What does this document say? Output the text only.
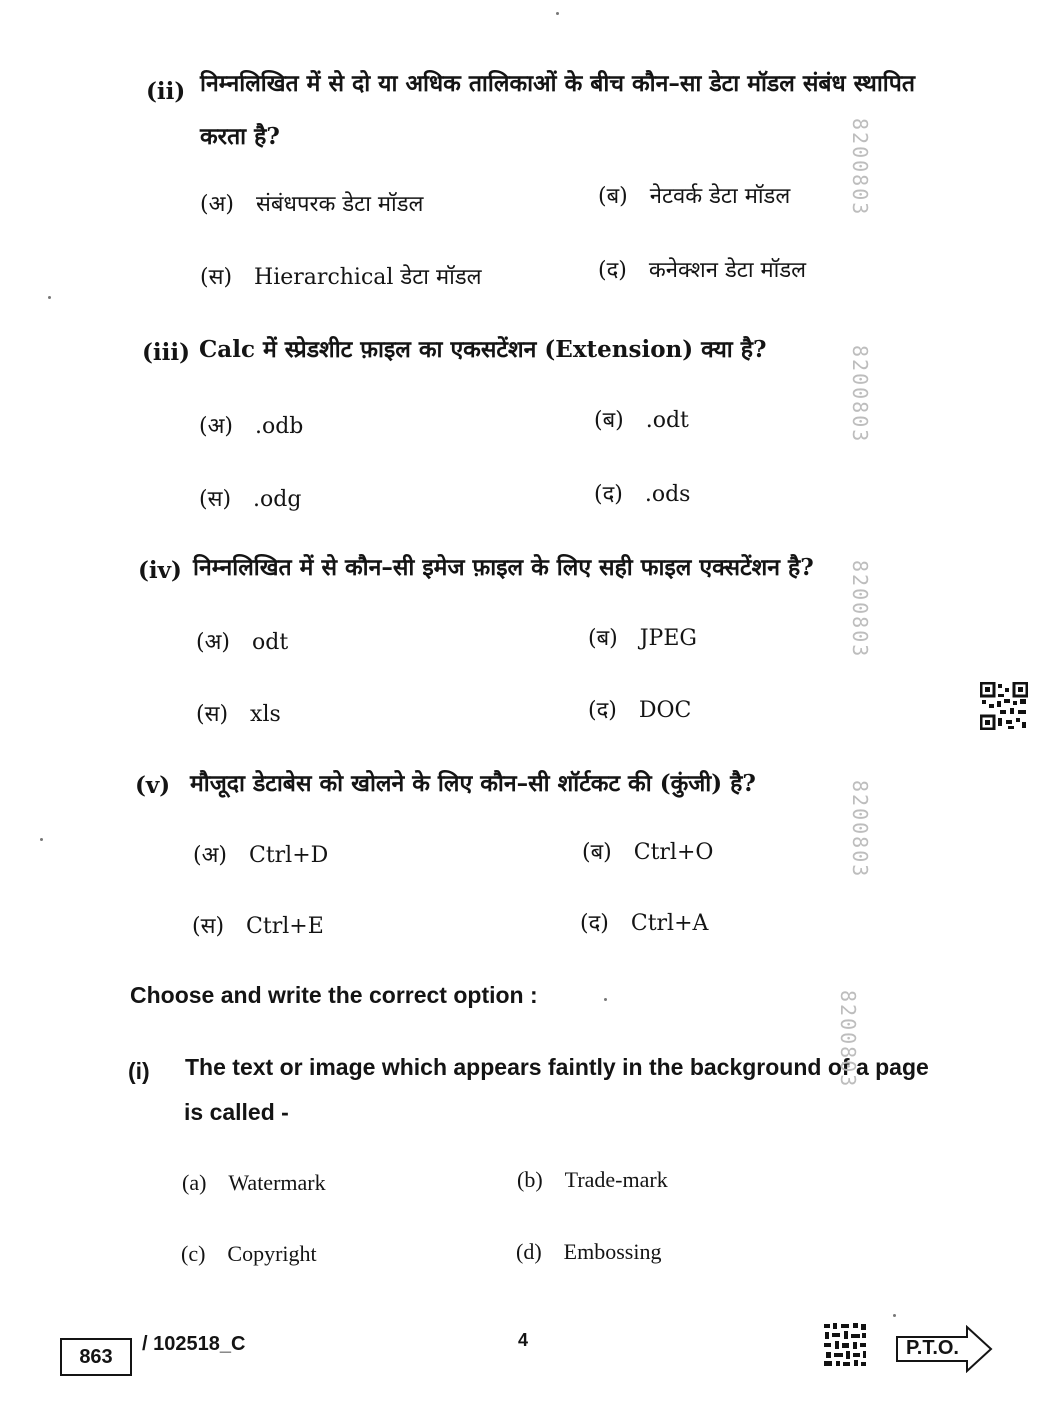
(ii) निम्नलिखित में से दो या अधिक तालिकाओं के बीच कौन–सा डेटा मॉडल संबंध स्थापित
करता है?
(अ) संबंधपरक डेटा मॉडल	(ब) नेटवर्क डेटा मॉडल
(स) Hierarchical डेटा मॉडल	(द) कनेक्शन डेटा मॉडल
(iii) Calc में स्प्रेडशीट फ़ाइल का एकसटेंशन (Extension) क्या है?
(अ) .odb	(ब) .odt
(स) .odg	(द) .ods
(iv) निम्नलिखित में से कौन–सी इमेज फ़ाइल के लिए सही फाइल एक्सटेंशन है?
(अ) odt	(ब) JPEG
(स) xls	(द) DOC
(v) मौजूदा डेटाबेस को खोलने के लिए कौन–सी शॉर्टकट की (कुंजी) है?
(अ) Ctrl+D	(ब) Ctrl+O
(स) Ctrl+E	(द) Ctrl+A
Choose and write the correct option :
(i) The text or image which appears faintly in the background of a page
is called -
(a) Watermark	(b) Trade-mark
(c) Copyright	(d) Embossing
8200803
8200803
8200803
8200803
8200803
863
/ 102518_C	4	P.T.O.
